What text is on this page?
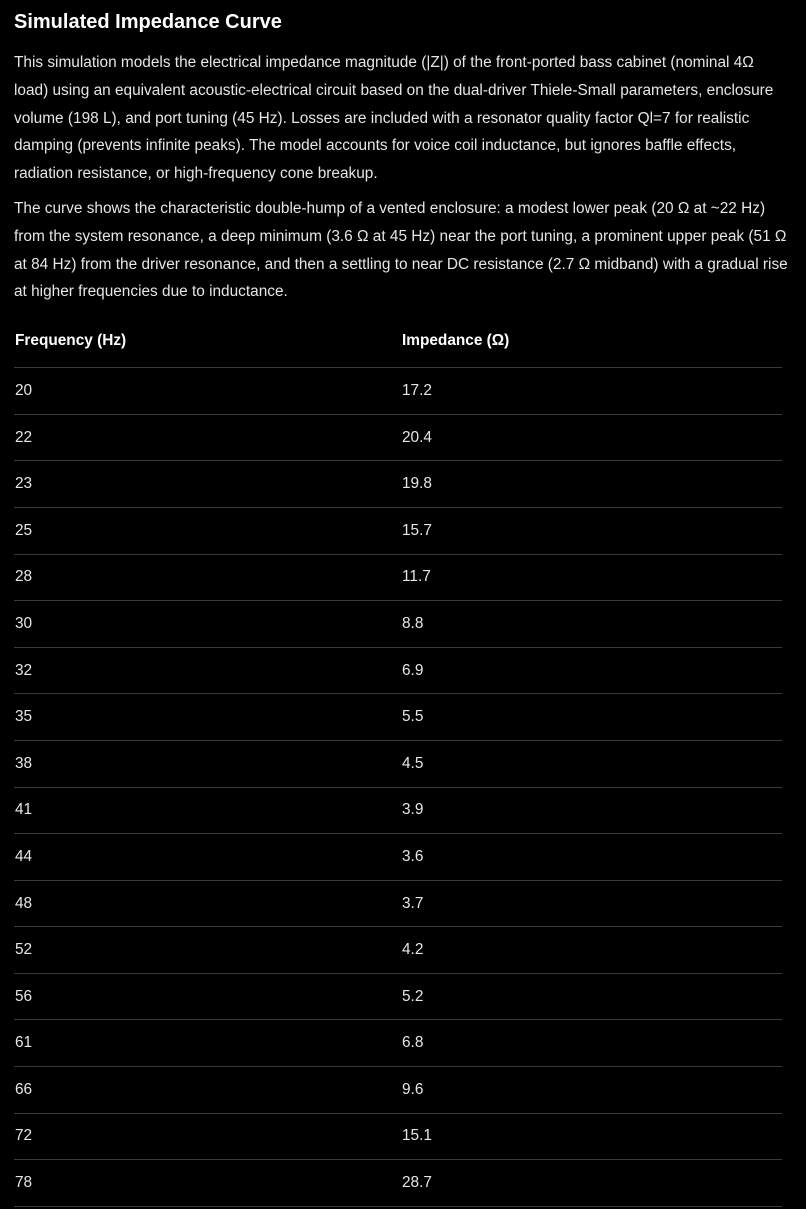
Simulated Impedance Curve

This simulation models the electrical impedance magnitude (|Z|) of the front-ported bass cabinet (nominal 4Ω load) using an equivalent acoustic-electrical circuit based on the dual-driver Thiele-Small parameters, enclosure volume (198 L), and port tuning (45 Hz). Losses are included with a resonator quality factor Ql=7 for realistic damping (prevents infinite peaks). The model accounts for voice coil inductance, but ignores baffle effects, radiation resistance, or high-frequency cone breakup.

The curve shows the characteristic double-hump of a vented enclosure: a modest lower peak (20 Ω at ~22 Hz) from the system resonance, a deep minimum (3.6 Ω at 45 Hz) near the port tuning, a prominent upper peak (51 Ω at 84 Hz) from the driver resonance, and then a settling to near DC resistance (2.7 Ω midband) with a gradual rise at higher frequencies due to inductance.

Frequency (Hz)	Impedance (Ω)
20	17.2
22	20.4
23	19.8
25	15.7
28	11.7
30	8.8
32	6.9
35	5.5
38	4.5
41	3.9
44	3.6
48	3.7
52	4.2
56	5.2
61	6.8
66	9.6
72	15.1
78	28.7
